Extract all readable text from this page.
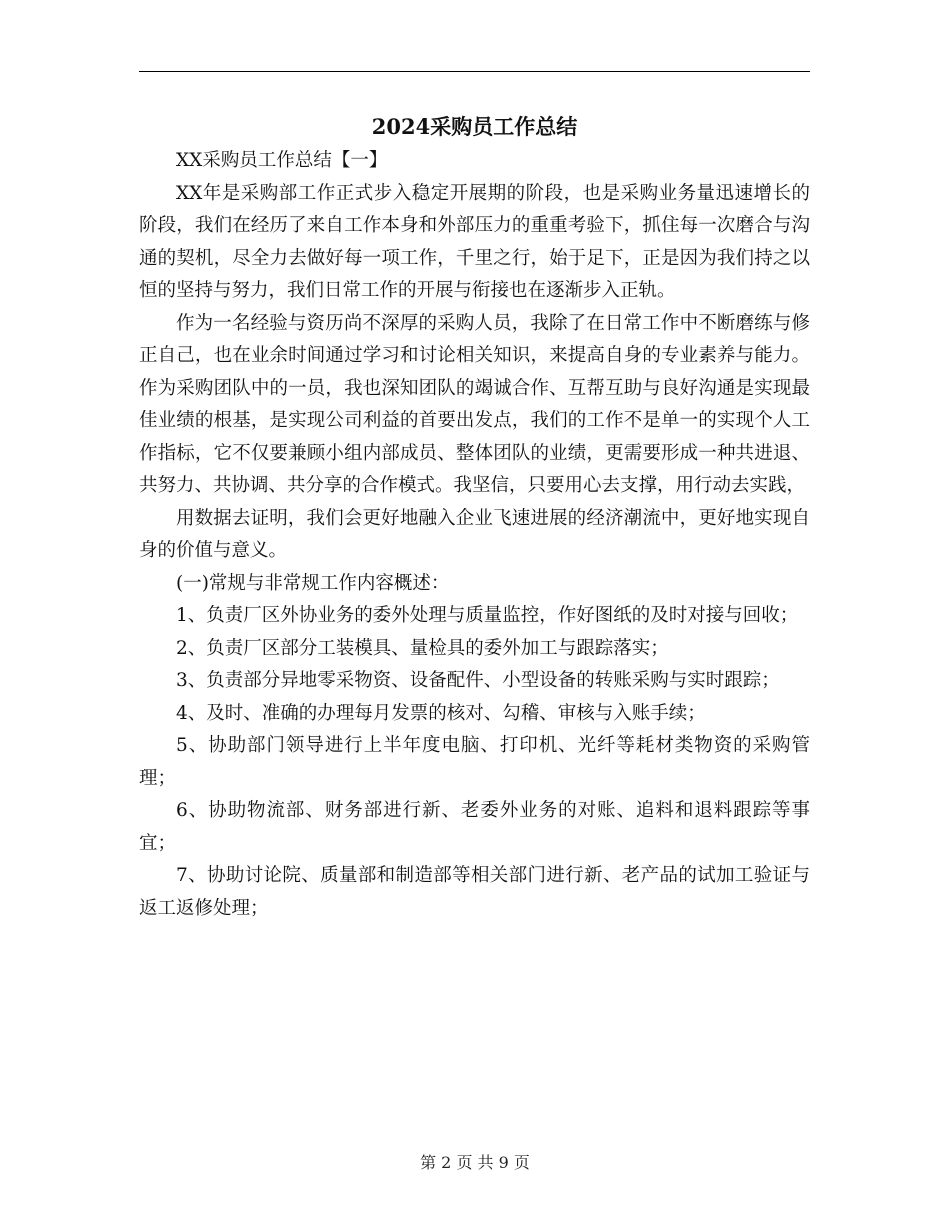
2024采购员工作总结

XX采购员工作总结【一】

XX年是采购部工作正式步入稳定开展期的阶段，也是采购业务量迅速增长的阶段，我们在经历了来自工作本身和外部压力的重重考验下，抓住每一次磨合与沟通的契机，尽全力去做好每一项工作，千里之行，始于足下，正是因为我们持之以恒的坚持与努力，我们日常工作的开展与衔接也在逐渐步入正轨。

作为一名经验与资历尚不深厚的采购人员，我除了在日常工作中不断磨练与修正自己，也在业余时间通过学习和讨论相关知识，来提高自身的专业素养与能力。作为采购团队中的一员，我也深知团队的竭诚合作、互帮互助与良好沟通是实现最佳业绩的根基，是实现公司利益的首要出发点，我们的工作不是单一的实现个人工作指标，它不仅要兼顾小组内部成员、整体团队的业绩，更需要形成一种共进退、共努力、共协调、共分享的合作模式。我坚信，只要用心去支撑，用行动去实践，

用数据去证明，我们会更好地融入企业飞速进展的经济潮流中，更好地实现自身的价值与意义。

(一)常规与非常规工作内容概述：

1、负责厂区外协业务的委外处理与质量监控，作好图纸的及时对接与回收；

2、负责厂区部分工装模具、量检具的委外加工与跟踪落实；

3、负责部分异地零采物资、设备配件、小型设备的转账采购与实时跟踪；

4、及时、准确的办理每月发票的核对、勾稽、审核与入账手续；

5、协助部门领导进行上半年度电脑、打印机、光纤等耗材类物资的采购管理；

6、协助物流部、财务部进行新、老委外业务的对账、追料和退料跟踪等事宜；

7、协助讨论院、质量部和制造部等相关部门进行新、老产品的试加工验证与返工返修处理；

第 2 页 共 9 页
